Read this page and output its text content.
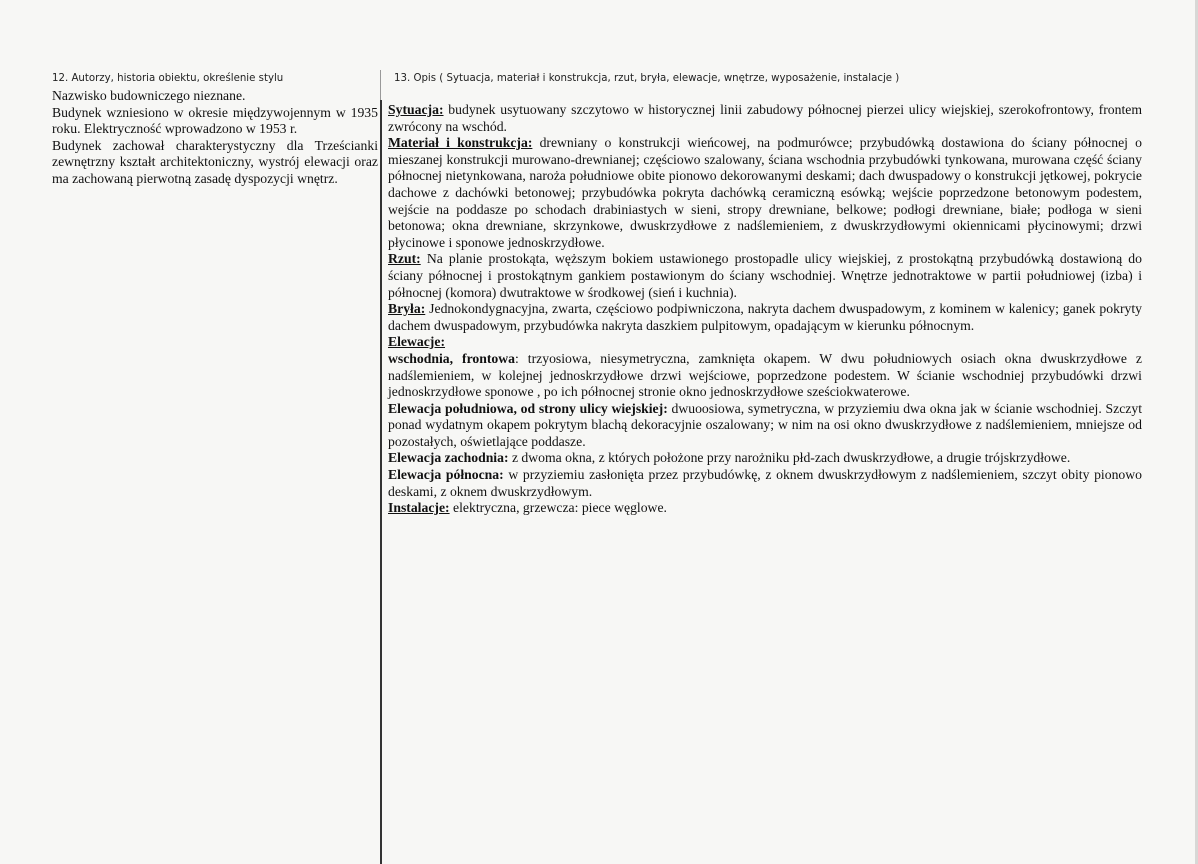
12. Autorzy, historia obiektu, określenie stylu

Nazwisko budowniczego nieznane.

Budynek wzniesiono w okresie międzywojennym w 1935 roku. Elektryczność wprowadzono w 1953 r.

Budynek zachował charakterystyczny dla Trześcianki zewnętrzny kształt architektoniczny, wystrój elewacji oraz ma zachowaną pierwotną zasadę dyspozycji wnętrz.

13. Opis ( Sytuacja, materiał i konstrukcja, rzut, bryła, elewacje, wnętrze, wyposażenie, instalacje )

Sytuacja: budynek usytuowany szczytowo w historycznej linii zabudowy północnej pierzei ulicy wiejskiej, szerokofrontowy, frontem zwrócony na wschód.

Materiał i konstrukcja: drewniany o konstrukcji wieńcowej, na podmurówce; przybudówką dostawiona do ściany północnej o mieszanej konstrukcji murowano-drewnianej; częściowo szalowany, ściana wschodnia przybudówki tynkowana, murowana część ściany północnej nietynkowana, naroża południowe obite pionowo dekorowanymi deskami; dach dwuspadowy o konstrukcji jętkowej, pokrycie dachowe z dachówki betonowej; przybudówka pokryta dachówką ceramiczną esówką; wejście poprzedzone betonowym podestem, wejście na poddasze po schodach drabiniastych w sieni, stropy drewniane, belkowe; podłogi drewniane, białe; podłoga w sieni betonowa; okna drewniane, skrzynkowe, dwuskrzydłowe z nadślemieniem, z dwuskrzydłowymi okiennicami płycinowymi; drzwi płycinowe i sponowe jednoskrzydłowe.

Rzut: Na planie prostokąta, węższym bokiem ustawionego prostopadle ulicy wiejskiej, z prostokątną przybudówką dostawioną do ściany północnej i prostokątnym gankiem postawionym do ściany wschodniej. Wnętrze jednotraktowe w partii południowej (izba) i północnej (komora) dwutraktowe w środkowej (sień i kuchnia).

Bryła: Jednokondygnacyjna, zwarta, częściowo podpiwniczona, nakryta dachem dwuspadowym, z kominem w kalenicy; ganek pokryty dachem dwuspadowym, przybudówka nakryta daszkiem pulpitowym, opadającym w kierunku północnym.

Elewacje:

wschodnia, frontowa: trzyosiowa, niesymetryczna, zamknięta okapem. W dwu południowych osiach okna dwuskrzydłowe z nadślemieniem, w kolejnej jednoskrzydłowe drzwi wejściowe, poprzedzone podestem. W ścianie wschodniej przybudówki drzwi jednoskrzydłowe sponowe , po ich północnej stronie okno jednoskrzydłowe sześciokwaterowe.

Elewacja południowa, od strony ulicy wiejskiej: dwuoosiowa, symetryczna, w przyziemiu dwa okna jak w ścianie wschodniej. Szczyt ponad wydatnym okapem pokrytym blachą dekoracyjnie oszalowany; w nim na osi okno dwuskrzydłowe z nadślemieniem, mniejsze od pozostałych, oświetlające poddasze.

Elewacja zachodnia: z dwoma okna, z których położone przy narożniku płd-zach dwuskrzydłowe, a drugie trójskrzydłowe.

Elewacja północna: w przyziemiu zasłonięta przez przybudówkę, z oknem dwuskrzydłowym z nadślemieniem, szczyt obity pionowo deskami, z oknem dwuskrzydłowym.

Instalacje: elektryczna, grzewcza: piece węglowe.
